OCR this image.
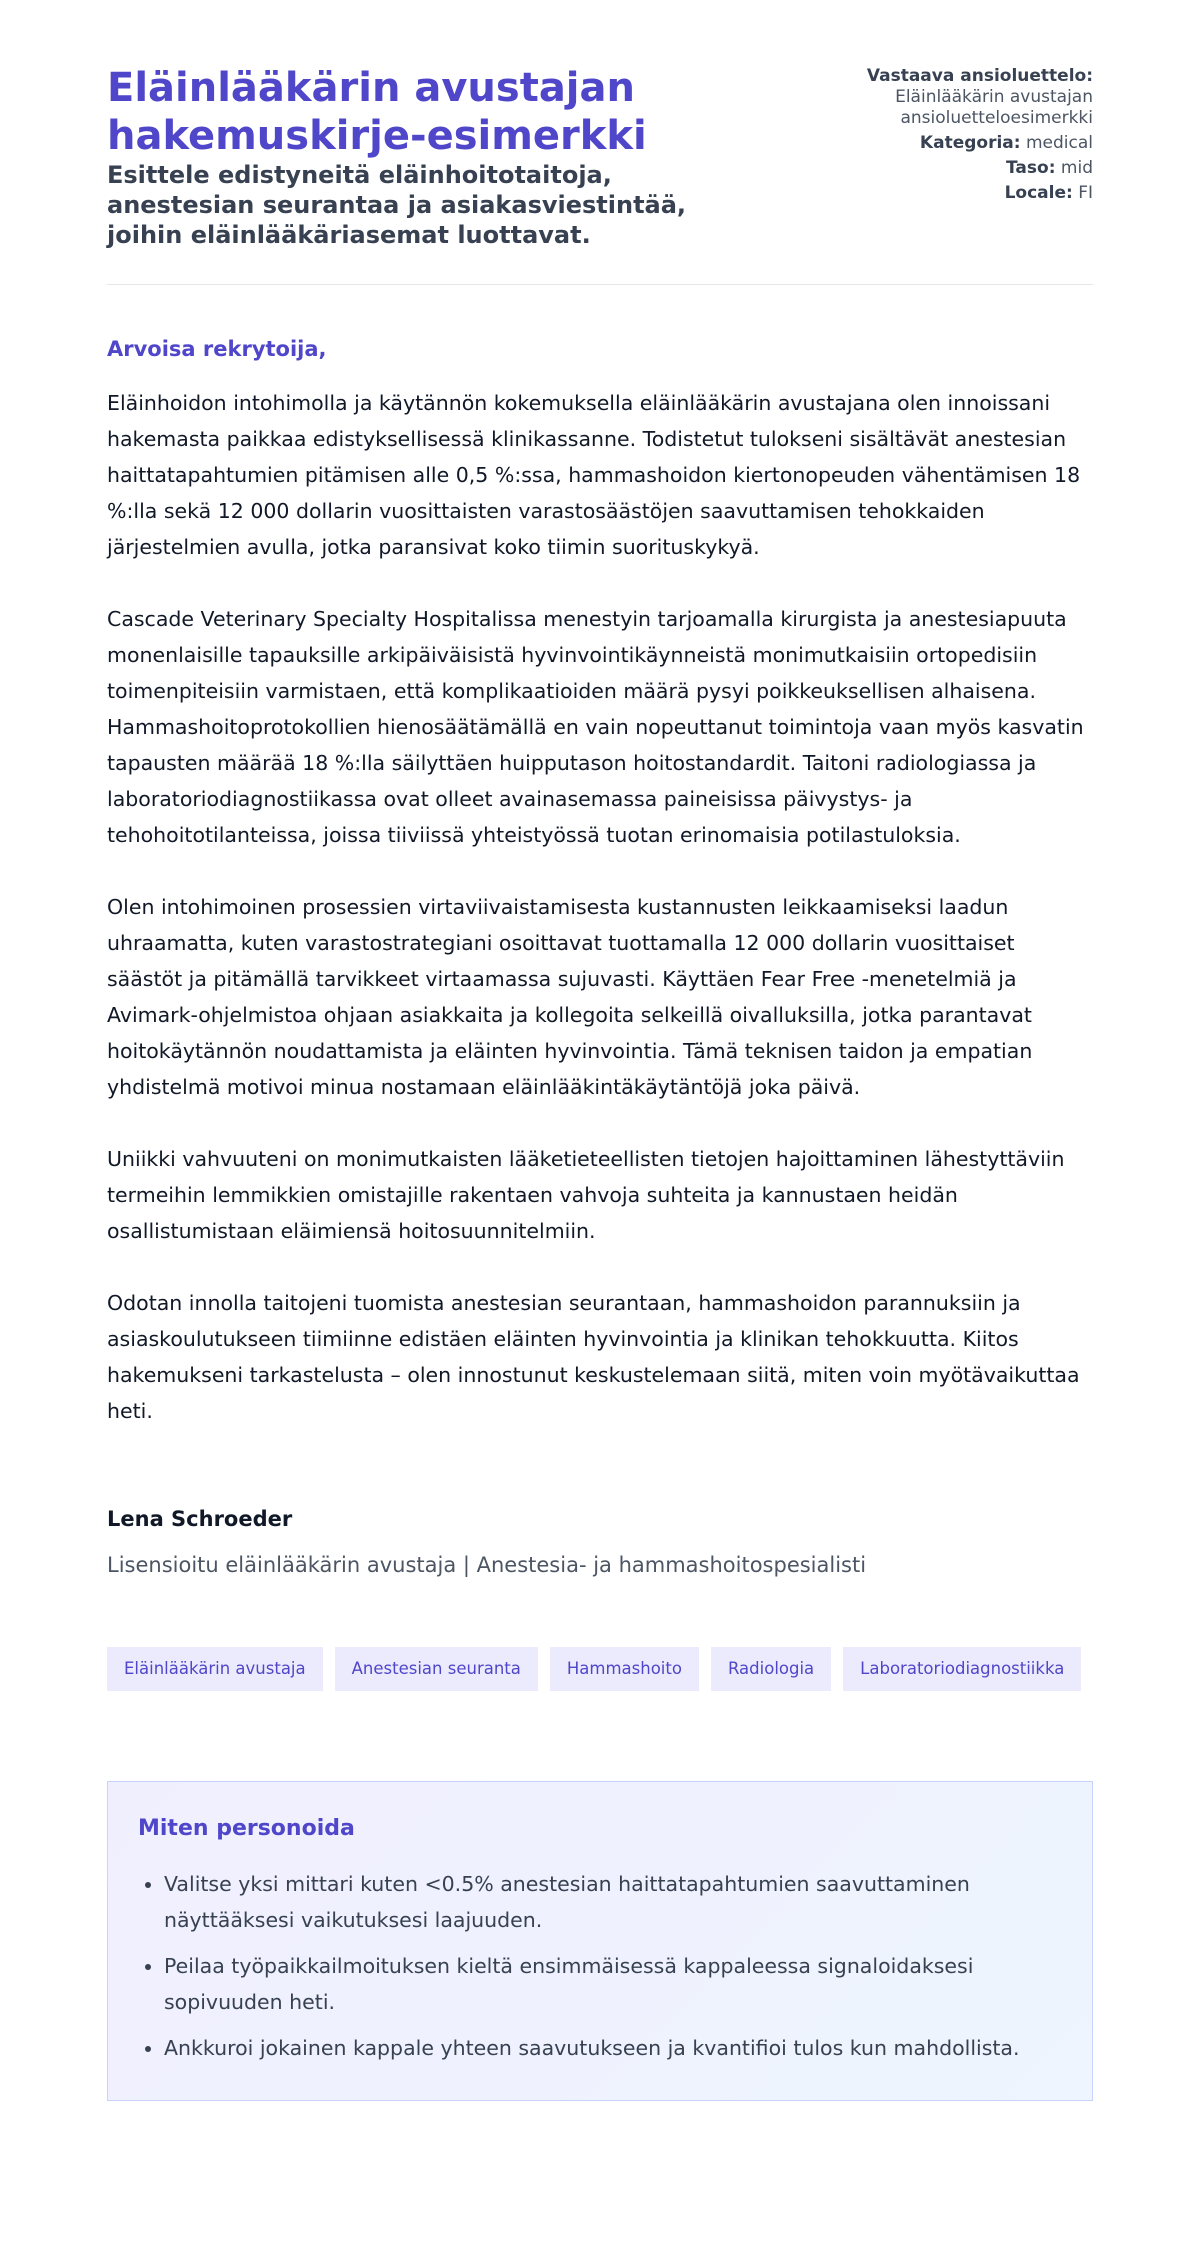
Eläinlääkärin avustajan hakemuskirje-esimerkki
Esittele edistyneitä eläinhoitotaitoja, anestesian seurantaa ja asiakasviestintää, joihin eläinlääkäriasemat luottavat.
Vastaava ansioluettelo:
Eläinlääkärin avustajan ansioluetteloesimerkki
Kategoria: medical
Taso: mid
Locale: FI

Arvoisa rekrytoija,

Eläinhoidon intohimolla ja käytännön kokemuksella eläinlääkärin avustajana olen innoissani hakemasta paikkaa edistyksellisessä klinikassanne. Todistetut tulokseni sisältävät anestesian haittatapahtumien pitämisen alle 0,5 %:ssa, hammashoidon kiertonopeuden vähentämisen 18 %:lla sekä 12 000 dollarin vuosittaisten varastosäästöjen saavuttamisen tehokkaiden järjestelmien avulla, jotka paransivat koko tiimin suorituskykyä.

Cascade Veterinary Specialty Hospitalissa menestyin tarjoamalla kirurgista ja anestesiapuuta monenlaisille tapauksille arkipäiväisistä hyvinvointikäynneistä monimutkaisiin ortopedisiin toimenpiteisiin varmistaen, että komplikaatioiden määrä pysyi poikkeuksellisen alhaisena. Hammashoitoprotokollien hienosäätämällä en vain nopeuttanut toimintoja vaan myös kasvatin tapausten määrää 18 %:lla säilyttäen huipputason hoitostandardit. Taitoni radiologiassa ja laboratoriodiagnostiikassa ovat olleet avainasemassa paineisissa päivystys- ja tehohoitotilanteissa, joissa tiiviissä yhteistyössä tuotan erinomaisia potilastuloksia.

Olen intohimoinen prosessien virtaviivaistamisesta kustannusten leikkaamiseksi laadun uhraamatta, kuten varastostrategiani osoittavat tuottamalla 12 000 dollarin vuosittaiset säästöt ja pitämällä tarvikkeet virtaamassa sujuvasti. Käyttäen Fear Free -menetelmiä ja Avimark-ohjelmistoa ohjaan asiakkaita ja kollegoita selkeillä oivalluksilla, jotka parantavat hoitokäytännön noudattamista ja eläinten hyvinvointia. Tämä teknisen taidon ja empatian yhdistelmä motivoi minua nostamaan eläinlääkintäkäytäntöjä joka päivä.

Uniikki vahvuuteni on monimutkaisten lääketieteellisten tietojen hajoittaminen lähestyttäviin termeihin lemmikkien omistajille rakentaen vahvoja suhteita ja kannustaen heidän osallistumistaan eläimiensä hoitosuunnitelmiin.

Odotan innolla taitojeni tuomista anestesian seurantaan, hammashoidon parannuksiin ja asiaskoulutukseen tiimiinne edistäen eläinten hyvinvointia ja klinikan tehokkuutta. Kiitos hakemukseni tarkastelusta – olen innostunut keskustelemaan siitä, miten voin myötävaikuttaa heti.

Lena Schroeder

Lisensioitu eläinlääkärin avustaja | Anestesia- ja hammashoitospesialisti

Eläinlääkärin avustaja	Anestesian seuranta	Hammashoito	Radiologia	Laboratoriodiagnostiikka
Miten personoida
• Valitse yksi mittari kuten <0.5% anestesian haittatapahtumien saavuttaminen näyttääksesi vaikutuksesi laajuuden.
• Peilaa työpaikkailmoituksen kieltä ensimmäisessä kappaleessa signaloidaksesi sopivuuden heti.
• Ankkuroi jokainen kappale yhteen saavutukseen ja kvantifioi tulos kun mahdollista.
